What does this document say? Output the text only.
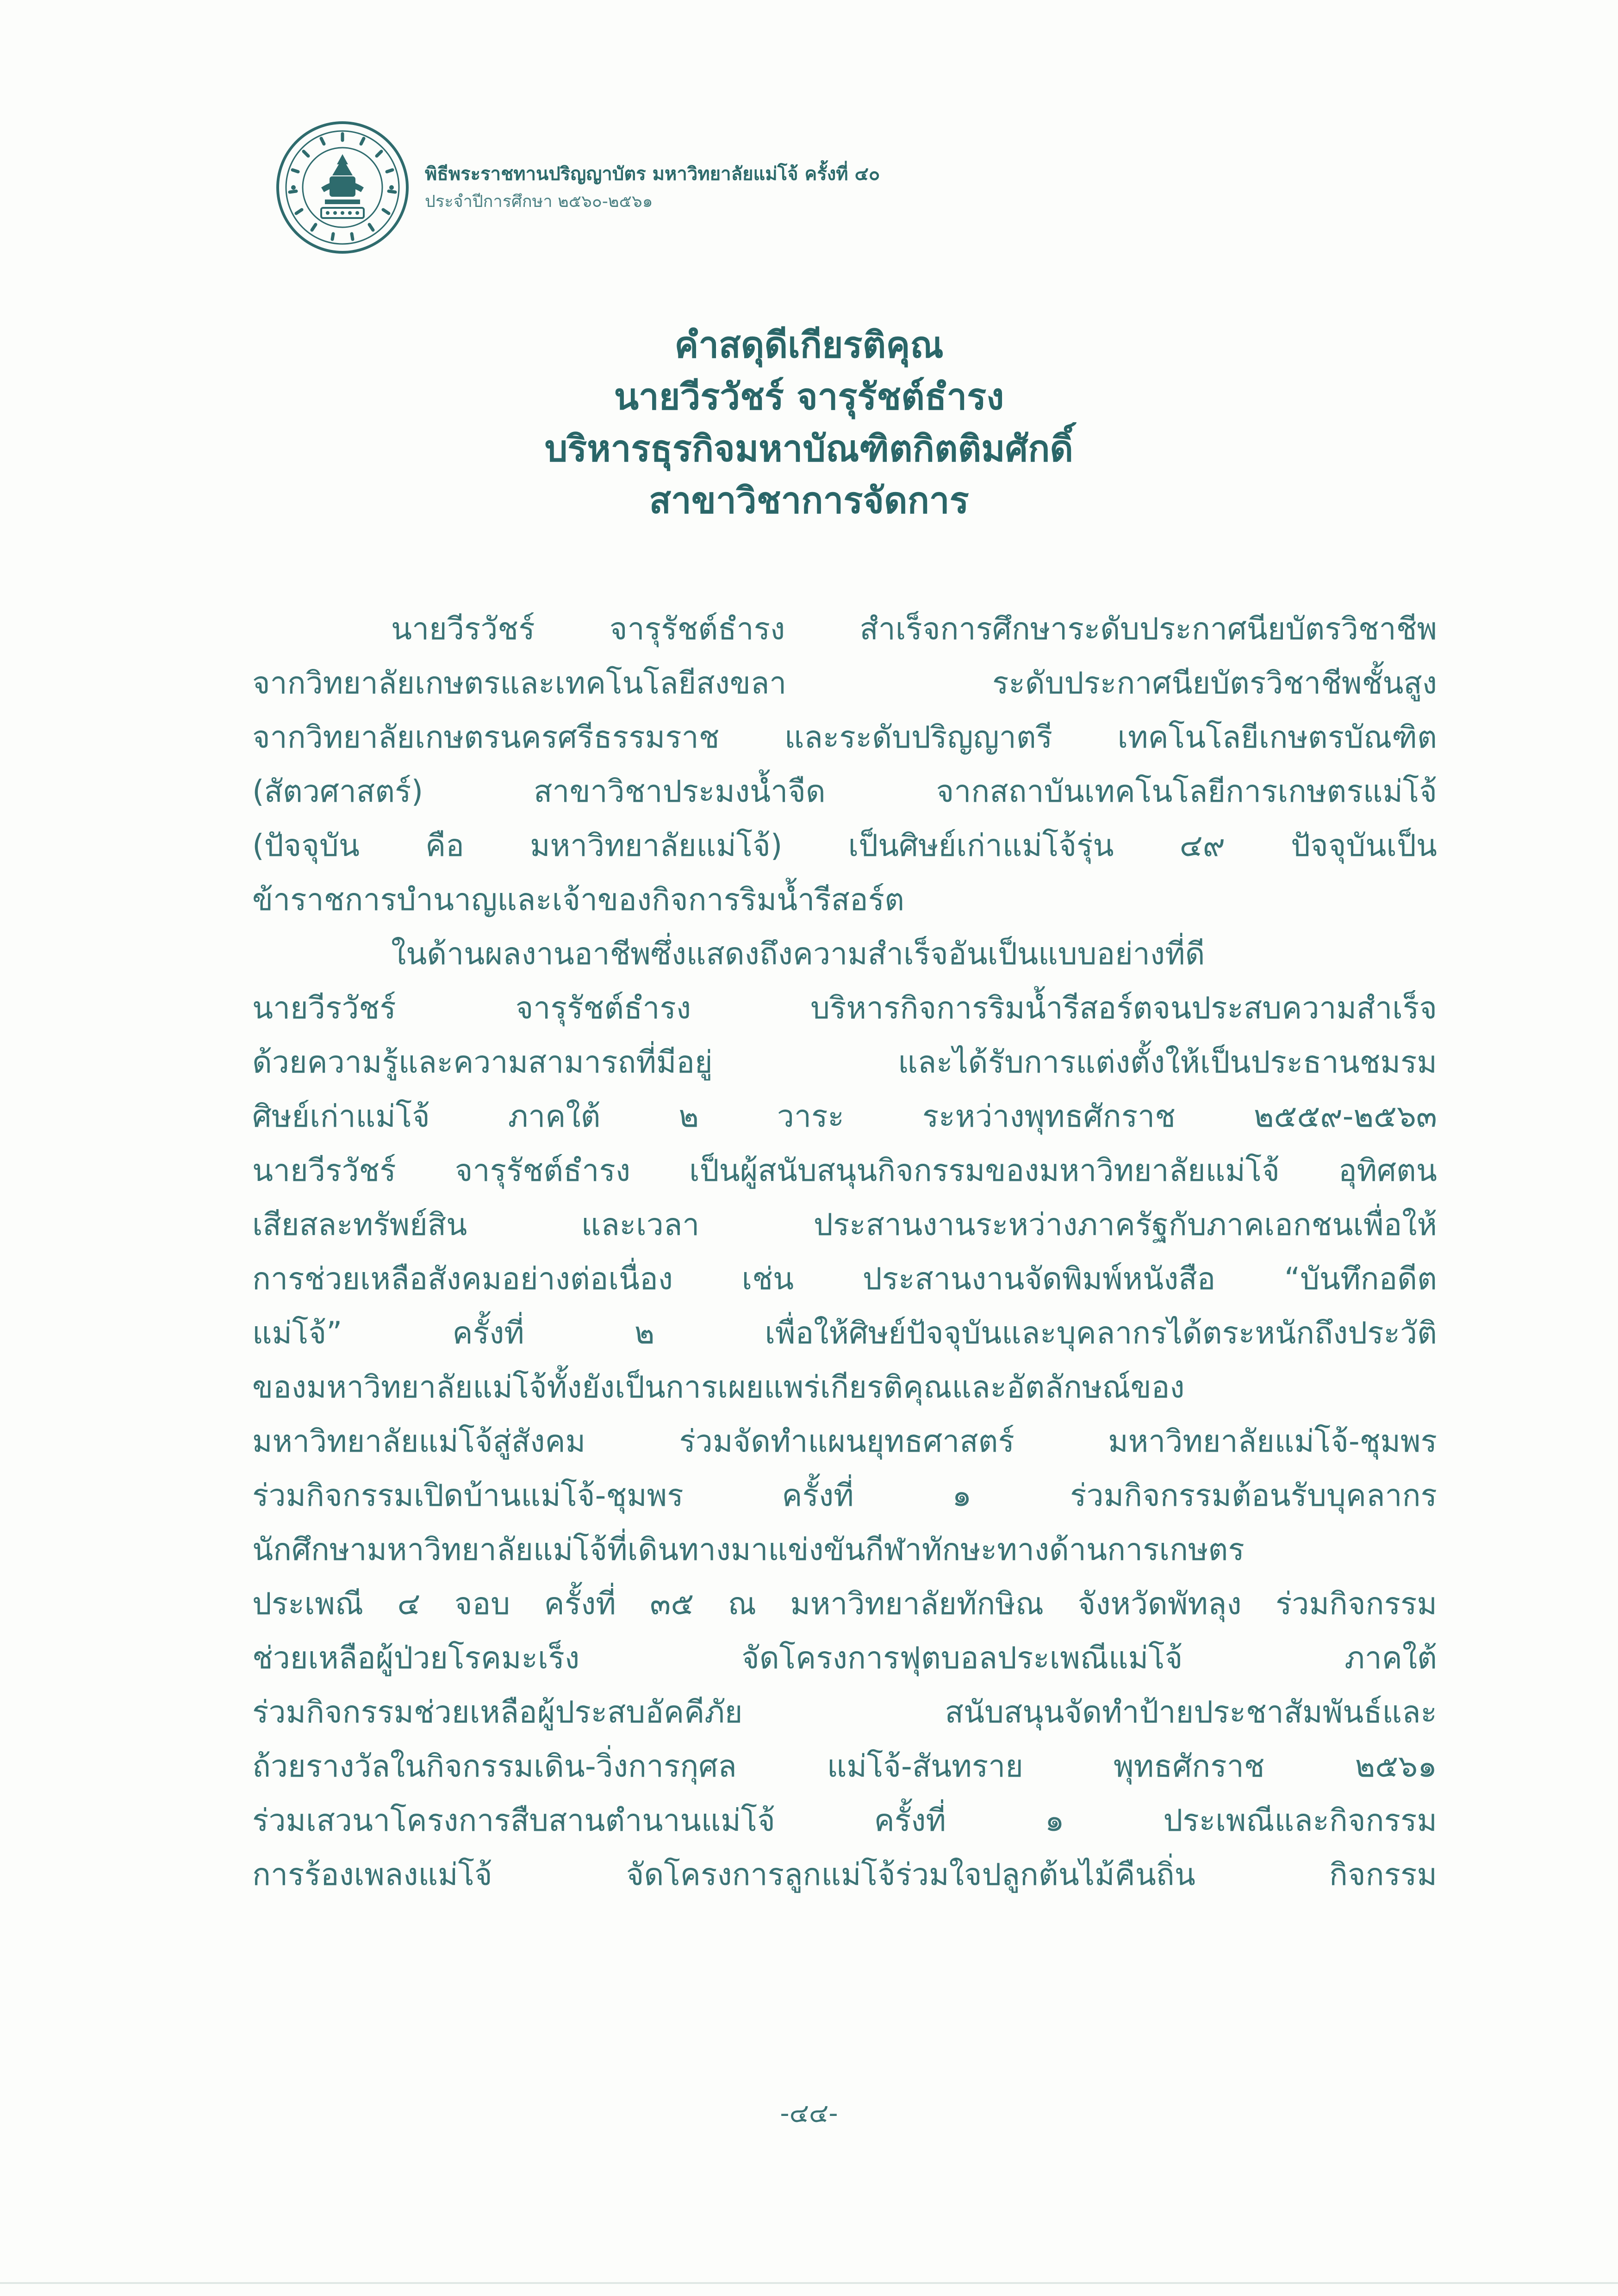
พิธีพระราชทานปริญญาบัตร มหาวิทยาลัยแม่โจ้ ครั้งที่ ๔๐
ประจำปีการศึกษา ๒๕๖๐-๒๕๖๑
คำสดุดีเกียรติคุณ
นายวีรวัชร์ จารุรัชต์ธำรง
บริหารธุรกิจมหาบัณฑิตกิตติมศักดิ์
สาขาวิชาการจัดการ
นายวีรวัชร์ จารุรัชต์ธำรง สำเร็จการศึกษาระดับประกาศนียบัตรวิชาชีพ
จากวิทยาลัยเกษตรและเทคโนโลยีสงขลา ระดับประกาศนียบัตรวิชาชีพชั้นสูง
จากวิทยาลัยเกษตรนครศรีธรรมราช และระดับปริญญาตรี เทคโนโลยีเกษตรบัณฑิต
(สัตวศาสตร์) สาขาวิชาประมงน้ำจืด จากสถาบันเทคโนโลยีการเกษตรแม่โจ้
(ปัจจุบัน คือ มหาวิทยาลัยแม่โจ้) เป็นศิษย์เก่าแม่โจ้รุ่น ๔๙ ปัจจุบันเป็น
ข้าราชการบำนาญและเจ้าของกิจการริมน้ำรีสอร์ต
ในด้านผลงานอาชีพซึ่งแสดงถึงความสำเร็จอันเป็นแบบอย่างที่ดี
นายวีรวัชร์ จารุรัชต์ธำรง บริหารกิจการริมน้ำรีสอร์ตจนประสบความสำเร็จ
ด้วยความรู้และความสามารถที่มีอยู่ และได้รับการแต่งตั้งให้เป็นประธานชมรม
ศิษย์เก่าแม่โจ้ ภาคใต้ ๒ วาระ ระหว่างพุทธศักราช ๒๕๕๙-๒๕๖๓
นายวีรวัชร์ จารุรัชต์ธำรง เป็นผู้สนับสนุนกิจกรรมของมหาวิทยาลัยแม่โจ้ อุทิศตน
เสียสละทรัพย์สิน และเวลา ประสานงานระหว่างภาครัฐกับภาคเอกชนเพื่อให้
การช่วยเหลือสังคมอย่างต่อเนื่อง เช่น ประสานงานจัดพิมพ์หนังสือ “บันทึกอดีต
แม่โจ้” ครั้งที่ ๒ เพื่อให้ศิษย์ปัจจุบันและบุคลากรได้ตระหนักถึงประวัติ
ของมหาวิทยาลัยแม่โจ้ทั้งยังเป็นการเผยแพร่เกียรติคุณและอัตลักษณ์ของ
มหาวิทยาลัยแม่โจ้สู่สังคม ร่วมจัดทำแผนยุทธศาสตร์ มหาวิทยาลัยแม่โจ้-ชุมพร
ร่วมกิจกรรมเปิดบ้านแม่โจ้-ชุมพร ครั้งที่ ๑ ร่วมกิจกรรมต้อนรับบุคลากร
นักศึกษามหาวิทยาลัยแม่โจ้ที่เดินทางมาแข่งขันกีฬาทักษะทางด้านการเกษตร
ประเพณี ๔ จอบ ครั้งที่ ๓๕ ณ มหาวิทยาลัยทักษิณ จังหวัดพัทลุง ร่วมกิจกรรม
ช่วยเหลือผู้ป่วยโรคมะเร็ง จัดโครงการฟุตบอลประเพณีแม่โจ้ ภาคใต้
ร่วมกิจกรรมช่วยเหลือผู้ประสบอัคคีภัย สนับสนุนจัดทำป้ายประชาสัมพันธ์และ
ถ้วยรางวัลในกิจกรรมเดิน-วิ่งการกุศล แม่โจ้-สันทราย พุทธศักราช ๒๕๖๑
ร่วมเสวนาโครงการสืบสานตำนานแม่โจ้ ครั้งที่ ๑ ประเพณีและกิจกรรม
การร้องเพลงแม่โจ้ จัดโครงการลูกแม่โจ้ร่วมใจปลูกต้นไม้คืนถิ่น กิจกรรม
-๔๔-
